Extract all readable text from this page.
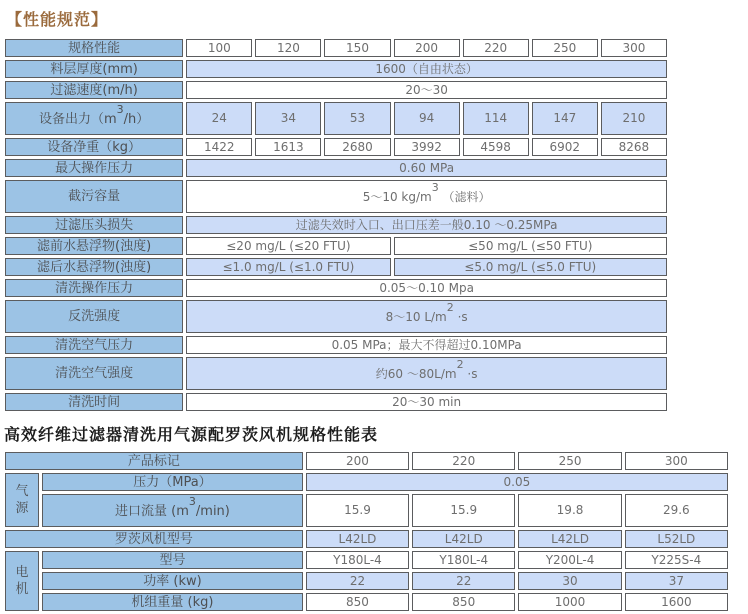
【性能规范】
规格性能	100	120	150	200	220	250	300
料层厚度(mm)	1600（自由状态）						
过滤速度(m/h)	20～30						
设备出力$(m^3/h)$	24	34	53	94	114	147	210
设备净重（kg）	1422	1613	2680	3992	4598	6902	8268
最大操作压力	0.60 MPa						
截污容量	5～10 kg/m3 （滤料）						
过滤压头损失	过滤失效时入口、出口压差一般0.10 ～0.25MPa						
滤前水悬浮物(浊度)	≤20 mg/L (≤20 FTU)			≤50 mg/L (≤50 FTU)			
滤后水悬浮物(浊度)	≤1.0 mg/L (≤1.0 FTU)			≤5.0 mg/L (≤5.0 FTU)			
清洗操作压力	0.05～0.10 Mpa						
反洗强度	8～10 L/m2 ·s						
清洗空气压力	0.05 MPa；最大不得超过0.10MPa						
清洗空气强度	约60 ～80L/m2 ·s						
清洗时间	20～30 min						
高效纤维过滤器清洗用气源配罗茨风机规格性能表
产品标记		200	220	250	300
气源	压力（MPa）	0.05			
	进口流量 $(m^3/\min)$	15.9	15.9	19.8	29.6
罗茨风机型号		L42LD	L42LD	L42LD	L52LD
电机	型号	Y180L-4	Y180L-4	Y200L-4	Y225S-4
	功率 (kw)	22	22	30	37
	机组重量 (kg)	850	850	1000	1600
